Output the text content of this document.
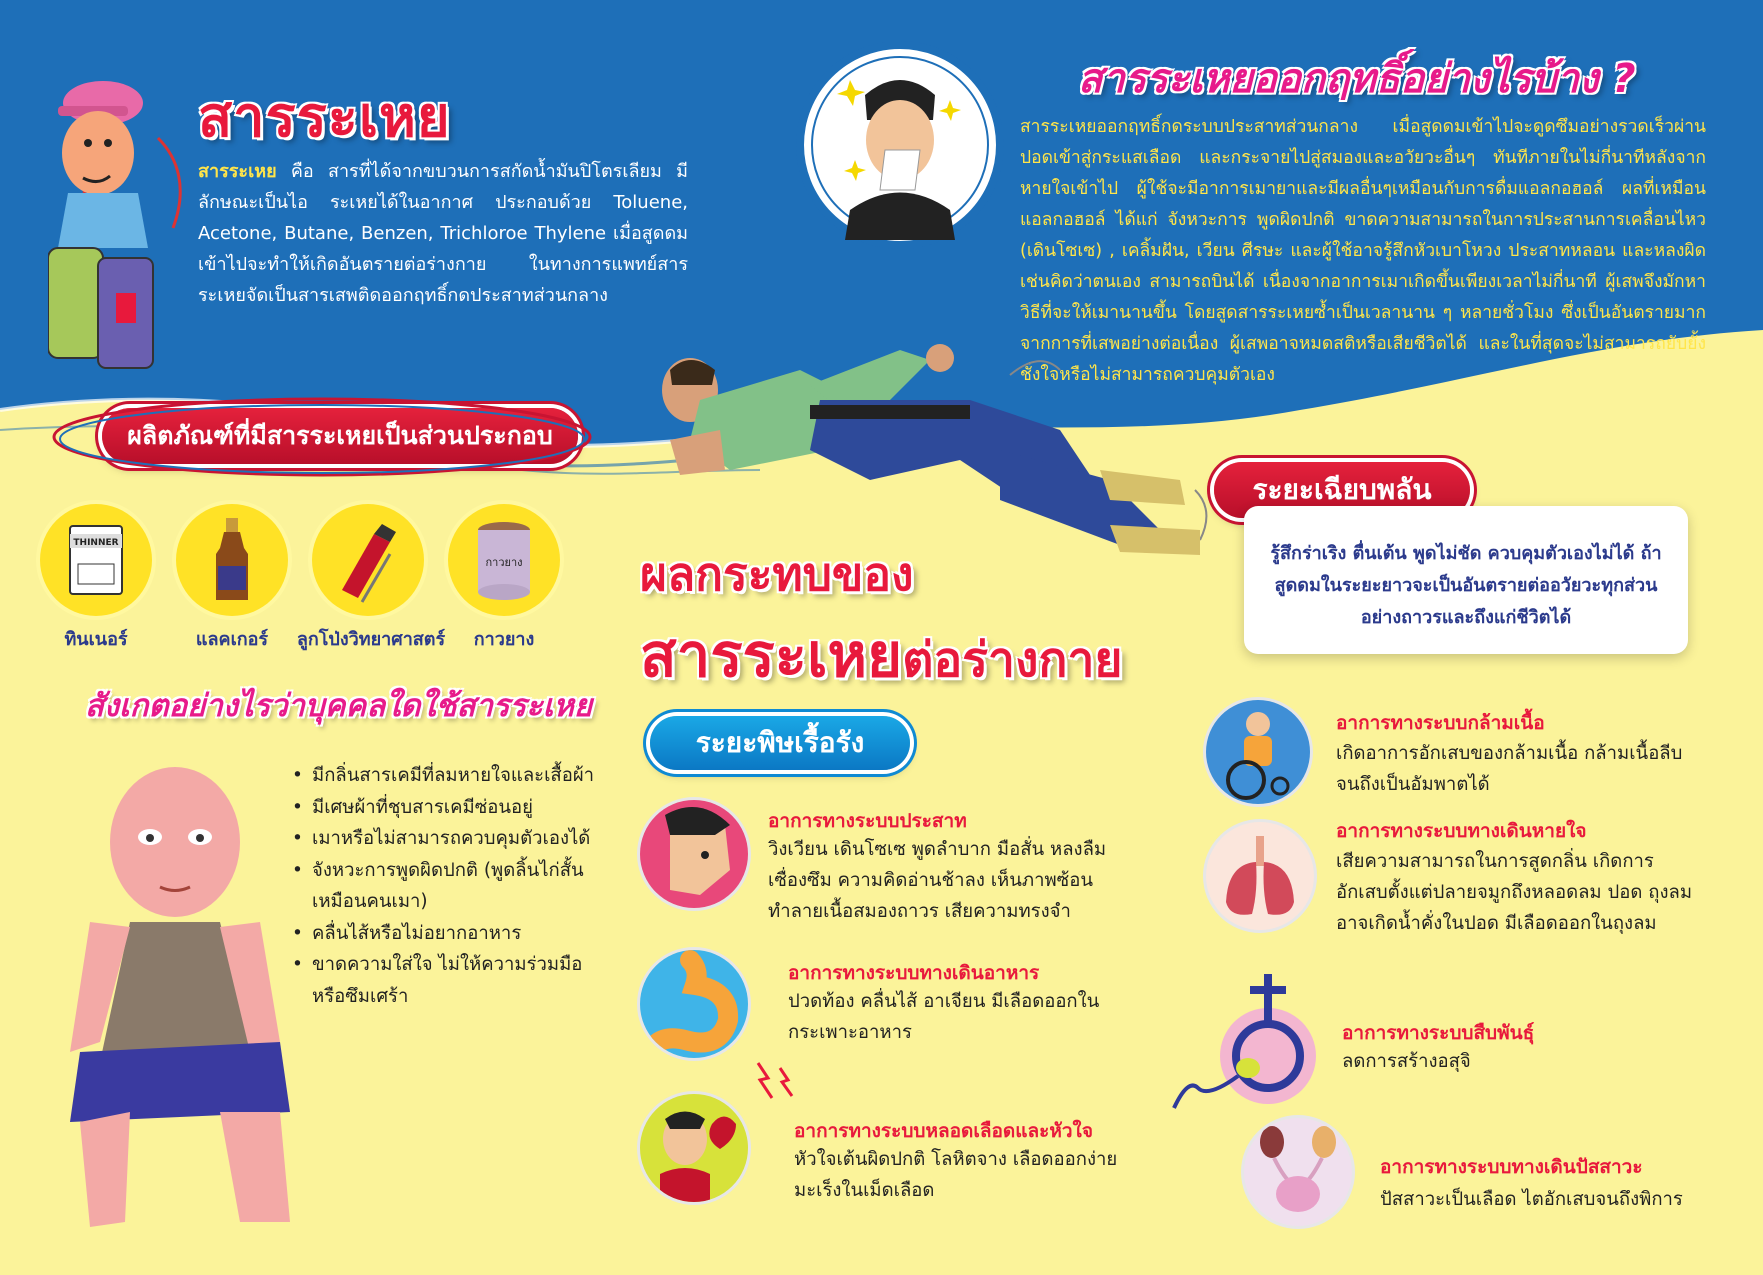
สารระเหย
สารระเหย คือ สารที่ได้จากขบวนการสกัดน้ำมันปิโตรเลียม มีลักษณะเป็นไอ ระเหยได้ในอากาศ ประกอบด้วย Toluene, Acetone, Butane, Benzen, Trichloroe Thylene เมื่อสูดดมเข้าไปจะทำให้เกิดอันตรายต่อร่างกาย ในทางการแพทย์สารระเหยจัดเป็นสารเสพติดออกฤทธิ์กดประสาทส่วนกลาง
สารระเหยออกฤทธิ์อย่างไรบ้าง ?
สารระเหยออกฤทธิ์กดระบบประสาทส่วนกลาง เมื่อสูดดมเข้าไปจะดูดซึมอย่างรวดเร็วผ่านปอดเข้าสู่กระแสเลือด และกระจายไปสู่สมองและอวัยวะอื่นๆ ทันทีภายในไม่กี่นาทีหลังจากหายใจเข้าไป ผู้ใช้จะมีอาการเมายาและมีผลอื่นๆเหมือนกับการดื่มแอลกอฮอล์ ผลที่เหมือนแอลกอฮอล์ ได้แก่ จังหวะการ พูดผิดปกติ ขาดความสามารถในการประสานการเคลื่อนไหว (เดินโซเซ) , เคลิ้มฝัน, เวียน ศีรษะ และผู้ใช้อาจรู้สึกหัวเบาโหวง ประสาทหลอน และหลงผิดเช่นคิดว่าตนเอง สามารถบินได้ เนื่องจากอาการเมาเกิดขึ้นเพียงเวลาไม่กี่นาที ผู้เสพจึงมักหาวิธีที่จะให้เมานานขึ้น โดยสูดสารระเหยซ้ำเป็นเวลานาน ๆ หลายชั่วโมง ซึ่งเป็นอันตรายมาก จากการที่เสพอย่างต่อเนื่อง ผู้เสพอาจหมดสติหรือเสียชีวิตได้ และในที่สุดจะไม่สามารถยับยั้ง ชั่งใจหรือไม่สามารถควบคุมตัวเอง
ผลิตภัณฑ์ที่มีสารระเหยเป็นส่วนประกอบ
THINNER
กาวยาง
ทินเนอร์	แลคเกอร์	ลูกโป่งวิทยาศาสตร์	กาวยาง
สังเกตอย่างไรว่าบุคคลใดใช้สารระเหย
• มีกลิ่นสารเคมีที่ลมหายใจและเสื้อผ้า
• มีเศษผ้าที่ชุบสารเคมีซ่อนอยู่
• เมาหรือไม่สามารถควบคุมตัวเองได้
• จังหวะการพูดผิดปกติ (พูดลิ้นไก่สั้นเหมือนคนเมา)
• คลื่นไส้หรือไม่อยากอาหาร
• ขาดความใส่ใจ ไม่ให้ความร่วมมือหรือซึมเศร้า
ผลกระทบของ
สารระเหยต่อร่างกาย
ระยะเฉียบพลัน
รู้สึกร่าเริง ตื่นเต้น พูดไม่ชัด ควบคุมตัวเองไม่ได้ ถ้าสูดดมในระยะยาวจะเป็นอันตรายต่ออวัยวะทุกส่วนอย่างถาวรและถึงแก่ชีวิตได้
ระยะพิษเรื้อรัง
อาการทางระบบประสาท
วิงเวียน เดินโซเซ พูดลำบาก มือสั่น หลงลืม เซื่องซึม ความคิดอ่านช้าลง เห็นภาพซ้อน ทำลายเนื้อสมองถาวร เสียความทรงจำ
อาการทางระบบทางเดินอาหาร
ปวดท้อง คลื่นไส้ อาเจียน มีเลือดออกในกระเพาะอาหาร
อาการทางระบบหลอดเลือดและหัวใจ
หัวใจเต้นผิดปกติ โลหิตจาง เลือดออกง่ายมะเร็งในเม็ดเลือด
อาการทางระบบกล้ามเนื้อ
เกิดอาการอักเสบของกล้ามเนื้อ กล้ามเนื้อลีบจนถึงเป็นอัมพาตได้
อาการทางระบบทางเดินหายใจ
เสียความสามารถในการสูดกลิ่น เกิดการอักเสบตั้งแต่ปลายจมูกถึงหลอดลม ปอด ถุงลม อาจเกิดน้ำคั่งในปอด มีเลือดออกในถุงลม
อาการทางระบบสืบพันธุ์
ลดการสร้างอสุจิ
อาการทางระบบทางเดินปัสสาวะ
ปัสสาวะเป็นเลือด ไตอักเสบจนถึงพิการ
